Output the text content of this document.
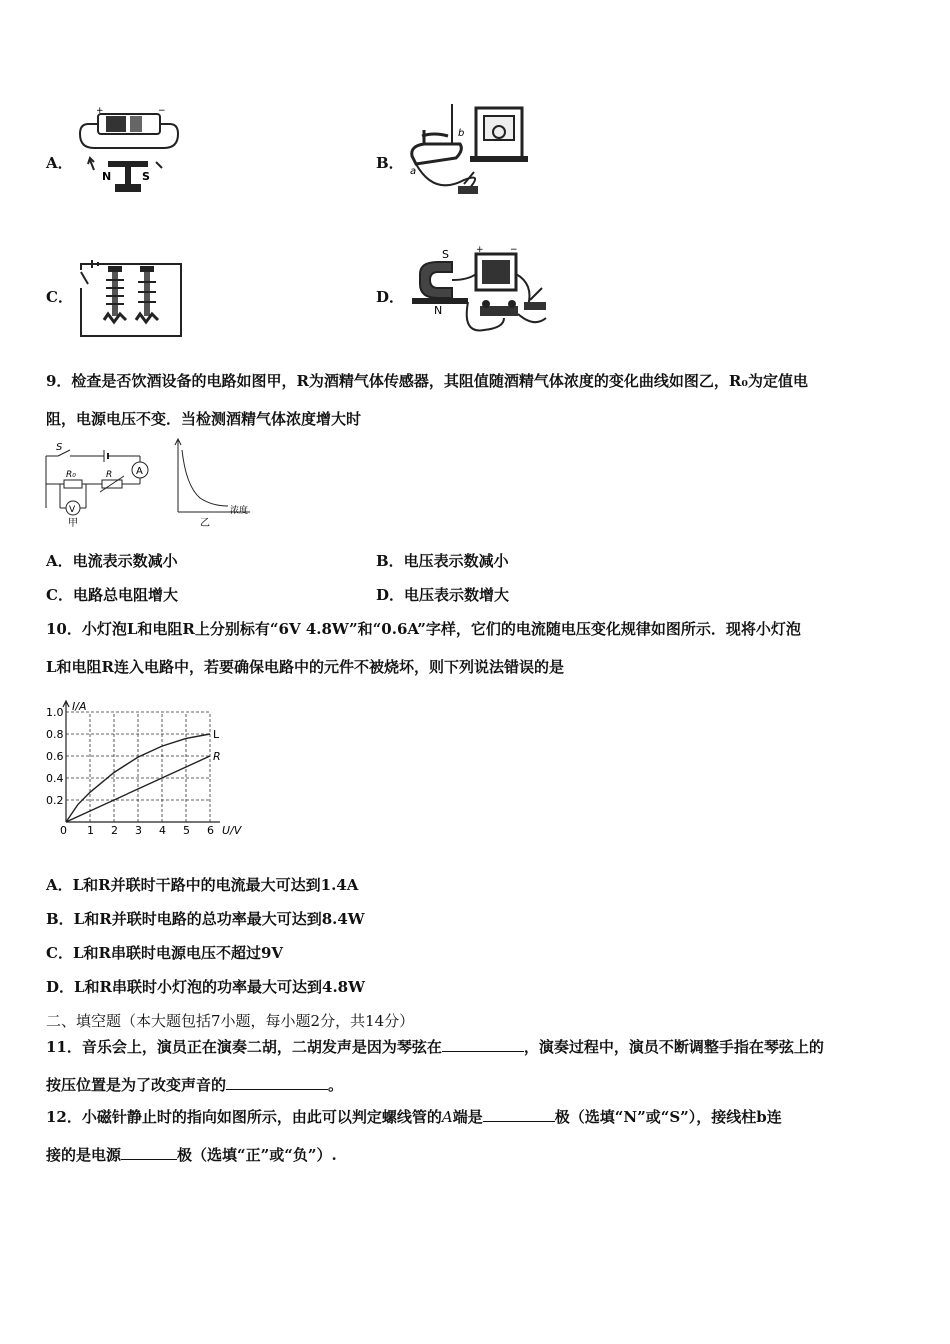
A．
+	−
N	S
B．
b
a
C．	D．
S
N
+	−
9．检查是否饮酒设备的电路如图甲，R为酒精气体传感器，其阻值随酒精气体浓度的变化曲线如图乙，R₀为定值电
阻，电源电压不变．当检测酒精气体浓度增大时
S
A
R₀	R
V
甲
浓度
乙
A．电流表示数减小	B．电压表示数减小
C．电路总电阻增大	D．电压表示数增大
10．小灯泡L和电阻R上分别标有“6V 4.8W”和“0.6A”字样，它们的电流随电压变化规律如图所示．现将小灯泡
L和电阻R连入电路中，若要确保电路中的元件不被烧坏，则下列说法错误的是
L
R
0 1 2 3 4 5 6
0.2
0.4
0.6
0.8
1.0
U/V
I/A
A．L和R并联时干路中的电流最大可达到1.4A
B．L和R并联时电路的总功率最大可达到8.4W
C．L和R串联时电源电压不超过9V
D．L和R串联时小灯泡的功率最大可达到4.8W
二、填空题（本大题包括7小题，每小题2分，共14分）
11．音乐会上，演员正在演奏二胡，二胡发声是因为琴弦在	，演奏过程中，演员不断调整手指在琴弦上的
按压位置是为了改变声音的	。
12．小磁针静止时的指向如图所示，由此可以判定螺线管的A端是	极（选填“N”或“S”），接线柱b连
接的是电源	极（选填“正”或“负”）.
